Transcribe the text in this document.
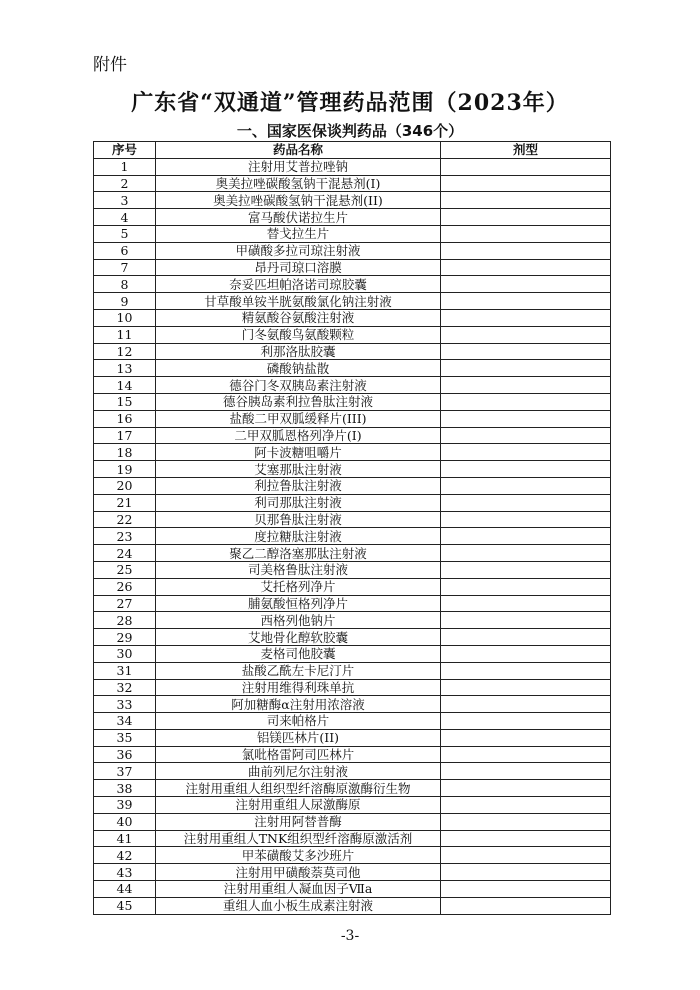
附件
广东省“双通道”管理药品范围（2023年）
一、国家医保谈判药品（346个）
序号	药品名称	剂型
1	注射用艾普拉唑钠	
2	奥美拉唑碳酸氢钠干混悬剂(I)	
3	奥美拉唑碳酸氢钠干混悬剂(II)	
4	富马酸伏诺拉生片	
5	替戈拉生片	
6	甲磺酸多拉司琼注射液	
7	昂丹司琼口溶膜	
8	奈妥匹坦帕洛诺司琼胶囊	
9	甘草酸单铵半胱氨酸氯化钠注射液	
10	精氨酸谷氨酸注射液	
11	门冬氨酸鸟氨酸颗粒	
12	利那洛肽胶囊	
13	磷酸钠盐散	
14	德谷门冬双胰岛素注射液	
15	德谷胰岛素利拉鲁肽注射液	
16	盐酸二甲双胍缓释片(III)	
17	二甲双胍恩格列净片(Ⅰ)	
18	阿卡波糖咀嚼片	
19	艾塞那肽注射液	
20	利拉鲁肽注射液	
21	利司那肽注射液	
22	贝那鲁肽注射液	
23	度拉糖肽注射液	
24	聚乙二醇洛塞那肽注射液	
25	司美格鲁肽注射液	
26	艾托格列净片	
27	脯氨酸恒格列净片	
28	西格列他钠片	
29	艾地骨化醇软胶囊	
30	麦格司他胶囊	
31	盐酸乙酰左卡尼汀片	
32	注射用维得利珠单抗	
33	阿加糖酶α注射用浓溶液	
34	司来帕格片	
35	铝镁匹林片(II)	
36	氯吡格雷阿司匹林片	
37	曲前列尼尔注射液	
38	注射用重组人组织型纤溶酶原激酶衍生物	
39	注射用重组人尿激酶原	
40	注射用阿替普酶	
41	注射用重组人TNK组织型纤溶酶原激活剂	
42	甲苯磺酸艾多沙班片	
43	注射用甲磺酸萘莫司他	
44	注射用重组人凝血因子Ⅶa	
45	重组人血小板生成素注射液	
-3-
